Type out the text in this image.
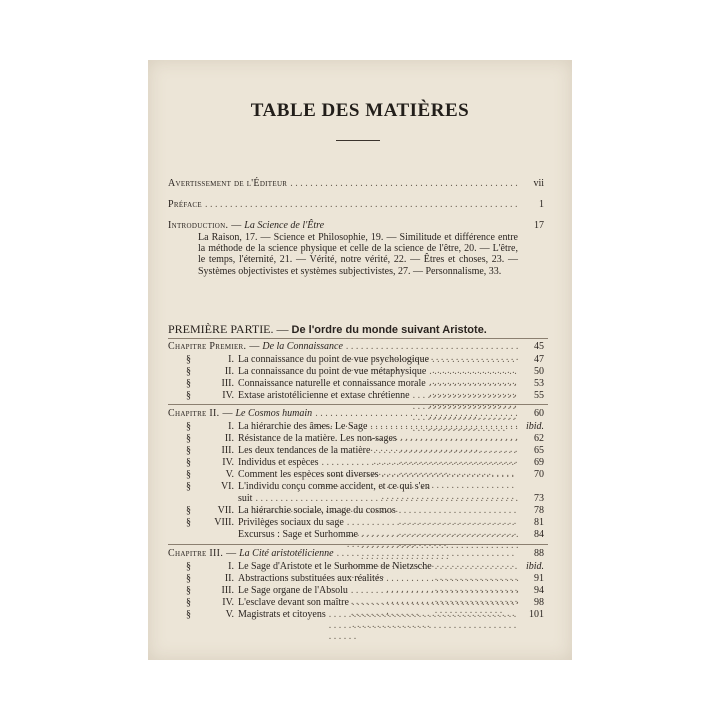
TABLE DES MATIÈRES
Avertissement de l'Éditeur . . .	vii
Préface . . .	1
Introduction. — La Science de l'Être	17
La Raison, 17. — Science et Philosophie, 19. — Similitude et différence entre la méthode de la science physique et celle de la science de l'être, 20. — L'être, le temps, l'éternité, 21. — Vérité, notre vérité, 22. — Êtres et choses, 23. — Systèmes objectivistes et systèmes subjectivistes, 27. — Personnalisme, 33.
PREMIÈRE PARTIE. — De l'ordre du monde suivant Aristote.
Chapitre Premier. — De la Connaissance . . .	45
§	I. La connaissance du point de vue psychologique . . .	47
§	II. La connaissance du point de vue métaphysique . . .	50
§	III. Connaissance naturelle et connaissance morale . . .	53
§	IV. Extase aristotélicienne et extase chrétienne . . .	55
Chapitre II. — Le Cosmos humain . . .	60
§	I. La hiérarchie des âmes. Le Sage . . .	ibid.
§	II. Résistance de la matière. Les non-sages . . .	62
§	III. Les deux tendances de la matière . . .	65
§	IV. Individus et espèces . . .	69
§	V. Comment les espèces sont diverses . . .	70
§	VI. L'individu conçu comme accident, et ce qui s'en
suit . . .	73
§	VII. La hiérarchie sociale, image du cosmos . . .	78
§	VIII. Privilèges sociaux du sage . . .	81
Excursus : Sage et Surhomme . . .	84
Chapitre III. — La Cité aristotélicienne . . .	88
§	I. Le Sage d'Aristote et le Surhomme de Nietzsche . . .	ibid.
§	II. Abstractions substituées aux réalités . . .	91
§	III. Le Sage organe de l'Absolu . . .	94
§	IV. L'esclave devant son maître . . .	98
§	V. Magistrats et citoyens . . .	101
